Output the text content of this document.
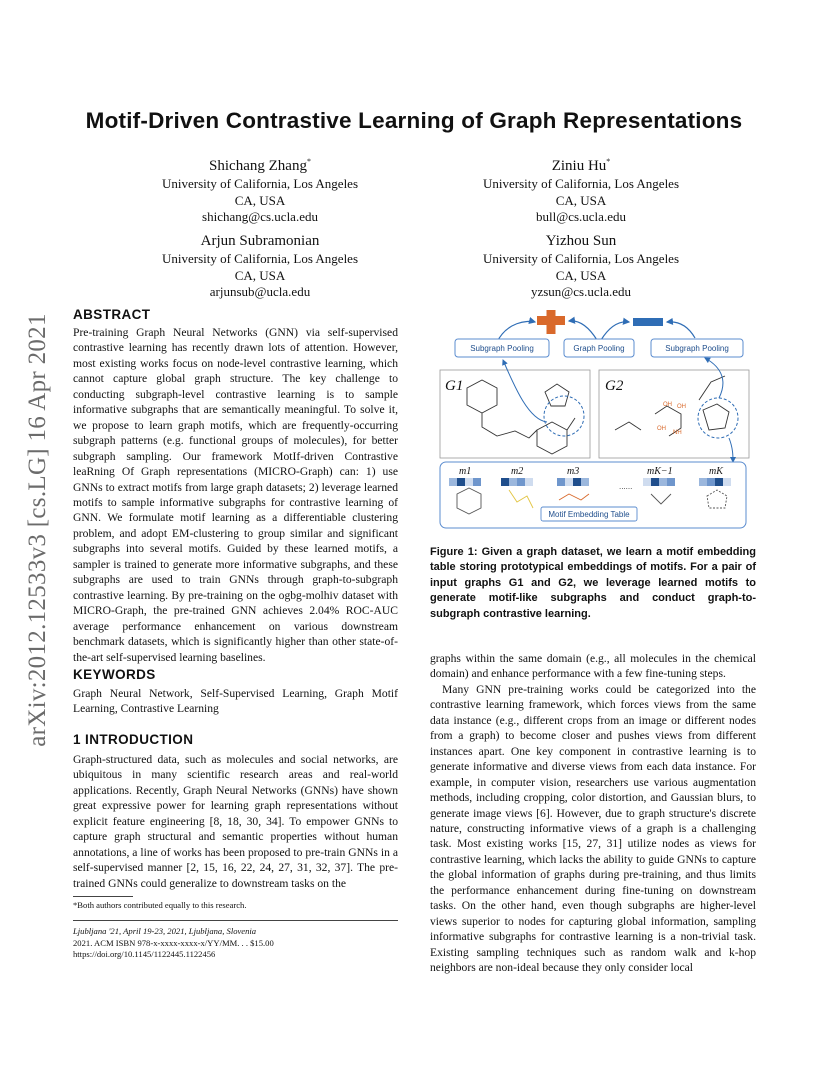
arXiv:2012.12533v3 [cs.LG] 16 Apr 2021
Motif-Driven Contrastive Learning of Graph Representations
Shichang Zhang*
University of California, Los Angeles
CA, USA
shichang@cs.ucla.edu
Ziniu Hu*
University of California, Los Angeles
CA, USA
bull@cs.ucla.edu
Arjun Subramonian
University of California, Los Angeles
CA, USA
arjunsub@ucla.edu
Yizhou Sun
University of California, Los Angeles
CA, USA
yzsun@cs.ucla.edu
ABSTRACT
Pre-training Graph Neural Networks (GNN) via self-supervised contrastive learning has recently drawn lots of attention. However, most existing works focus on node-level contrastive learning, which cannot capture global graph structure. The key challenge to conducting subgraph-level contrastive learning is to sample informative subgraphs that are semantically meaningful. To solve it, we propose to learn graph motifs, which are frequently-occurring subgraph patterns (e.g. functional groups of molecules), for better subgraph sampling. Our framework MotIf-driven Contrastive leaRning Of Graph representations (MICRO-Graph) can: 1) use GNNs to extract motifs from large graph datasets; 2) leverage learned motifs to sample informative subgraphs for contrastive learning of GNN. We formulate motif learning as a differentiable clustering problem, and adopt EM-clustering to group similar and significant subgraphs into several motifs. Guided by these learned motifs, a sampler is trained to generate more informative subgraphs, and these subgraphs are used to train GNNs through graph-to-subgraph contrastive learning. By pre-training on the ogbg-molhiv dataset with MICRO-Graph, the pre-trained GNN achieves 2.04% ROC-AUC average performance enhancement on various downstream benchmark datasets, which is significantly higher than other state-of-the-art self-supervised learning baselines.
KEYWORDS
Graph Neural Network, Self-Supervised Learning, Graph Motif Learning, Contrastive Learning
1 INTRODUCTION
Graph-structured data, such as molecules and social networks, are ubiquitous in many scientific research areas and real-world applications. Recently, Graph Neural Networks (GNNs) have shown great expressive power for learning graph representations without explicit feature engineering [8, 18, 30, 34]. To empower GNNs to capture graph structural and semantic properties without human annotations, a line of works has been proposed to pre-train GNNs in a self-supervised manner [2, 15, 16, 22, 24, 27, 31, 32, 37]. The pre-trained GNNs could generalize to downstream tasks on the
*Both authors contributed equally to this research.
Ljubljana '21, April 19-23, 2021, Ljubljana, Slovenia
2021. ACM ISBN 978-x-xxxx-xxxx-x/YY/MM. . . $15.00
https://doi.org/10.1145/1122445.1122456
Subgraph Pooling	Graph Pooling	Subgraph Pooling
G1	G2
OH OH
OH
NH
m1	m2	m3	mK−1	mK
......
Motif Embedding Table
Figure 1: Given a graph dataset, we learn a motif embedding table storing prototypical embeddings of motifs. For a pair of input graphs G1 and G2, we leverage learned motifs to generate motif-like subgraphs and conduct graph-to-subgraph contrastive learning.

graphs within the same domain (e.g., all molecules in the chemical domain) and enhance performance with a few fine-tuning steps.

Many GNN pre-training works could be categorized into the contrastive learning framework, which forces views from the same data instance (e.g., different crops from an image or different nodes from a graph) to become closer and pushes views from different instances apart. One key component in contrastive learning is to generate informative and diverse views from each data instance. For example, in computer vision, researchers use various augmentation methods, including cropping, color distortion, and Gaussian blurs, to generate image views [6]. However, due to graph structure's discrete nature, constructing informative views of a graph is a challenging task. Most existing works [15, 27, 31] utilize nodes as views for contrastive learning, which lacks the ability to guide GNNs to capture the global information of graphs during pre-training, and thus limits the performance enhancement during fine-tuning on downstream tasks. On the other hand, even though subgraphs are higher-level views superior to nodes for capturing global information, sampling informative subgraphs for contrastive learning is a non-trivial task. Existing sampling techniques such as random walk and k-hop neighbors are non-ideal because they only consider local
